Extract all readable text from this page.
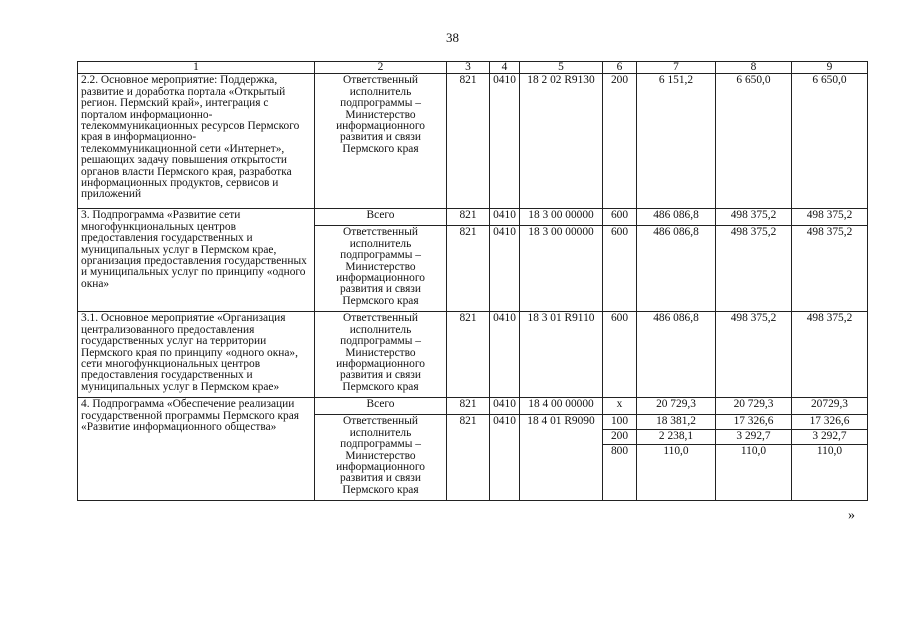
38
1	2	3	4	5	6	7	8	9
2.2. Основное мероприятие: Поддержка, развитие и доработка портала «Открытый регион. Пермский край», интеграция с порталом информационно-телекоммуникационных ресурсов Пермского края в информационно-телекоммуникационной сети «Интернет», решающих задачу повышения открытости органов власти Пермского края, разработка информационных продуктов, сервисов и приложений	Ответственный исполнитель подпрограммы – Министерство информационного развития и связи Пермского края	821	0410	18 2 02 R9130	200	6 151,2	6 650,0	6 650,0
3. Подпрограмма «Развитие сети многофункциональных центров предоставления государственных и муниципальных услуг в Пермском крае, организация предоставления государственных и муниципальных услуг по принципу «одного окна»	Всего	821	0410	18 3 00 00000	600	486 086,8	498 375,2	498 375,2
	Ответственный исполнитель подпрограммы – Министерство информационного развития и связи Пермского края	821	0410	18 3 00 00000	600	486 086,8	498 375,2	498 375,2
3.1. Основное мероприятие «Организация централизованного предоставления государственных услуг на территории Пермского края по принципу «одного окна», сети многофункциональных центров предоставления государственных и муниципальных услуг в Пермском крае»	Ответственный исполнитель подпрограммы – Министерство информационного развития и связи Пермского края	821	0410	18 3 01 R9110	600	486 086,8	498 375,2	498 375,2
4. Подпрограмма «Обеспечение реализации государственной программы Пермского края «Развитие информационного общества»	Всего	821	0410	18 4 00 00000	х	20 729,3	20 729,3	20729,3
	Ответственный исполнитель подпрограммы – Министерство информационного развития и связи Пермского края	821	0410	18 4 01 R9090	100	18 381,2	17 326,6	17 326,6
					200	2 238,1	3 292,7	3 292,7
					800	110,0	110,0	110,0
»
